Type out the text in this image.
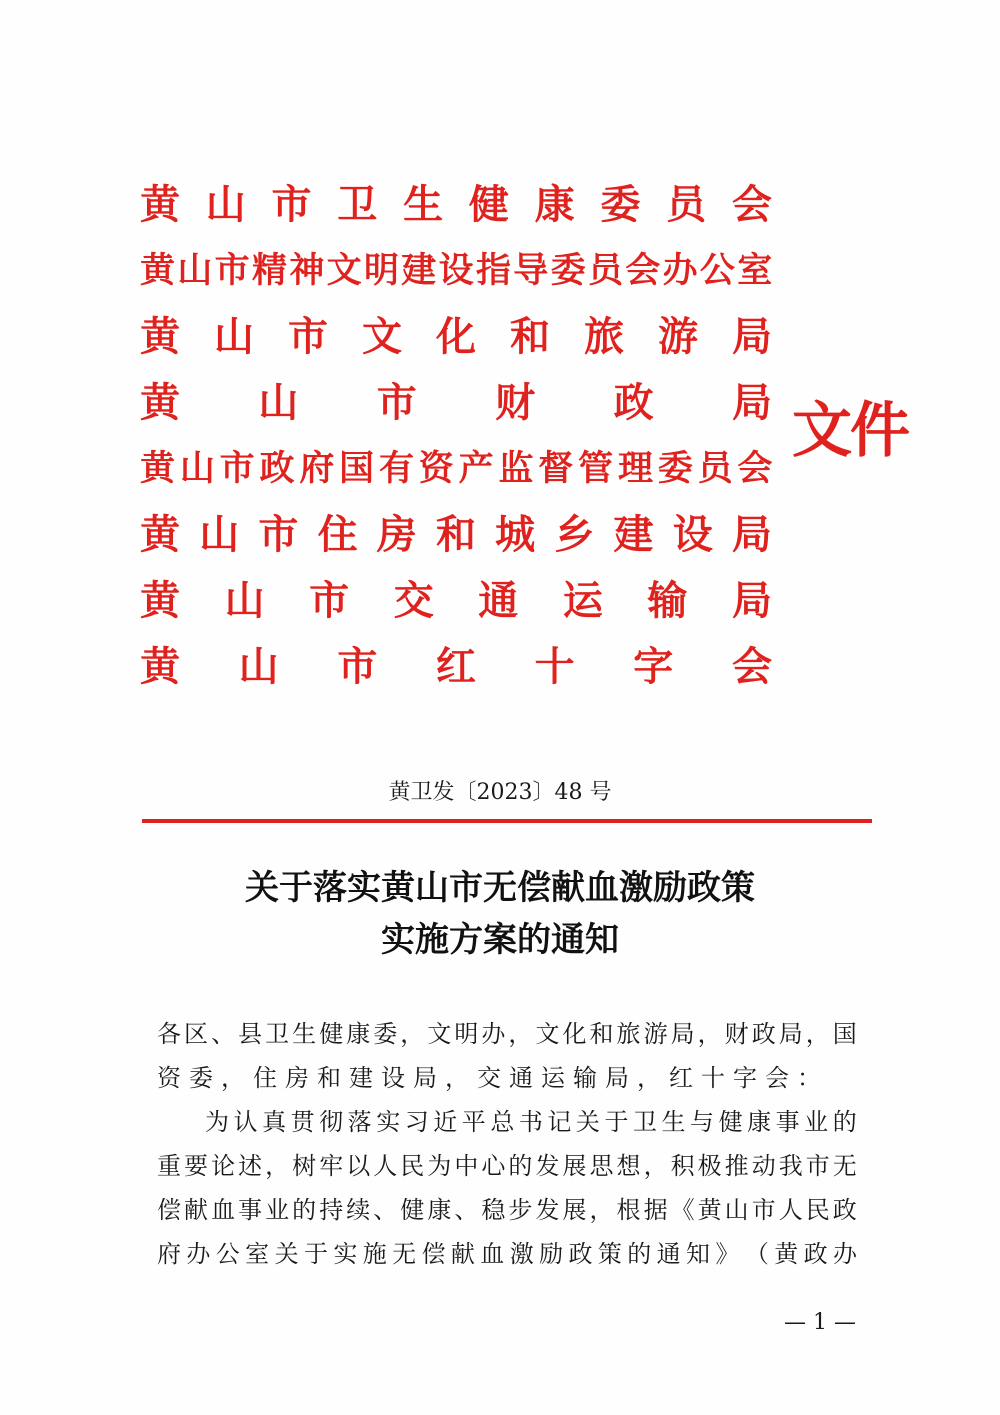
黄 山 市 卫 生 健 康 委 员 会
黄 山 市 精 神 文 明 建 设 指 导 委 员 会 办 公 室
黄 山 市 文 化 和 旅 游 局
黄 山 市 财 政 局
黄 山 市 政 府 国 有 资 产 监 督 管 理 委 员 会
黄 山 市 住 房 和 城 乡 建 设 局
黄 山 市 交 通 运 输 局
黄 山 市 红 十 字 会
文件
黄卫发〔2023〕48 号
关于落实黄山市无偿献血激励政策
实施方案的通知
各 区 、 县 卫 生 健 康 委 ， 文 明 办 ， 文 化 和 旅 游 局 ， 财 政 局 ， 国
资委，住房和建设局，交通运输局，红十字会：
为 认 真 贯 彻 落 实 习 近 平 总 书 记 关 于 卫 生 与 健 康 事 业 的
重 要 论 述 ， 树 牢 以 人 民 为 中 心 的 发 展 思 想 ， 积 极 推 动 我 市 无
偿 献 血 事 业 的 持 续 、 健 康 、 稳 步 发 展 ， 根 据 《 黄 山 市 人 民 政
府 办 公 室 关 于 实 施 无 偿 献 血 激 励 政 策 的 通 知 》 （ 黄 政 办
— 1 —
